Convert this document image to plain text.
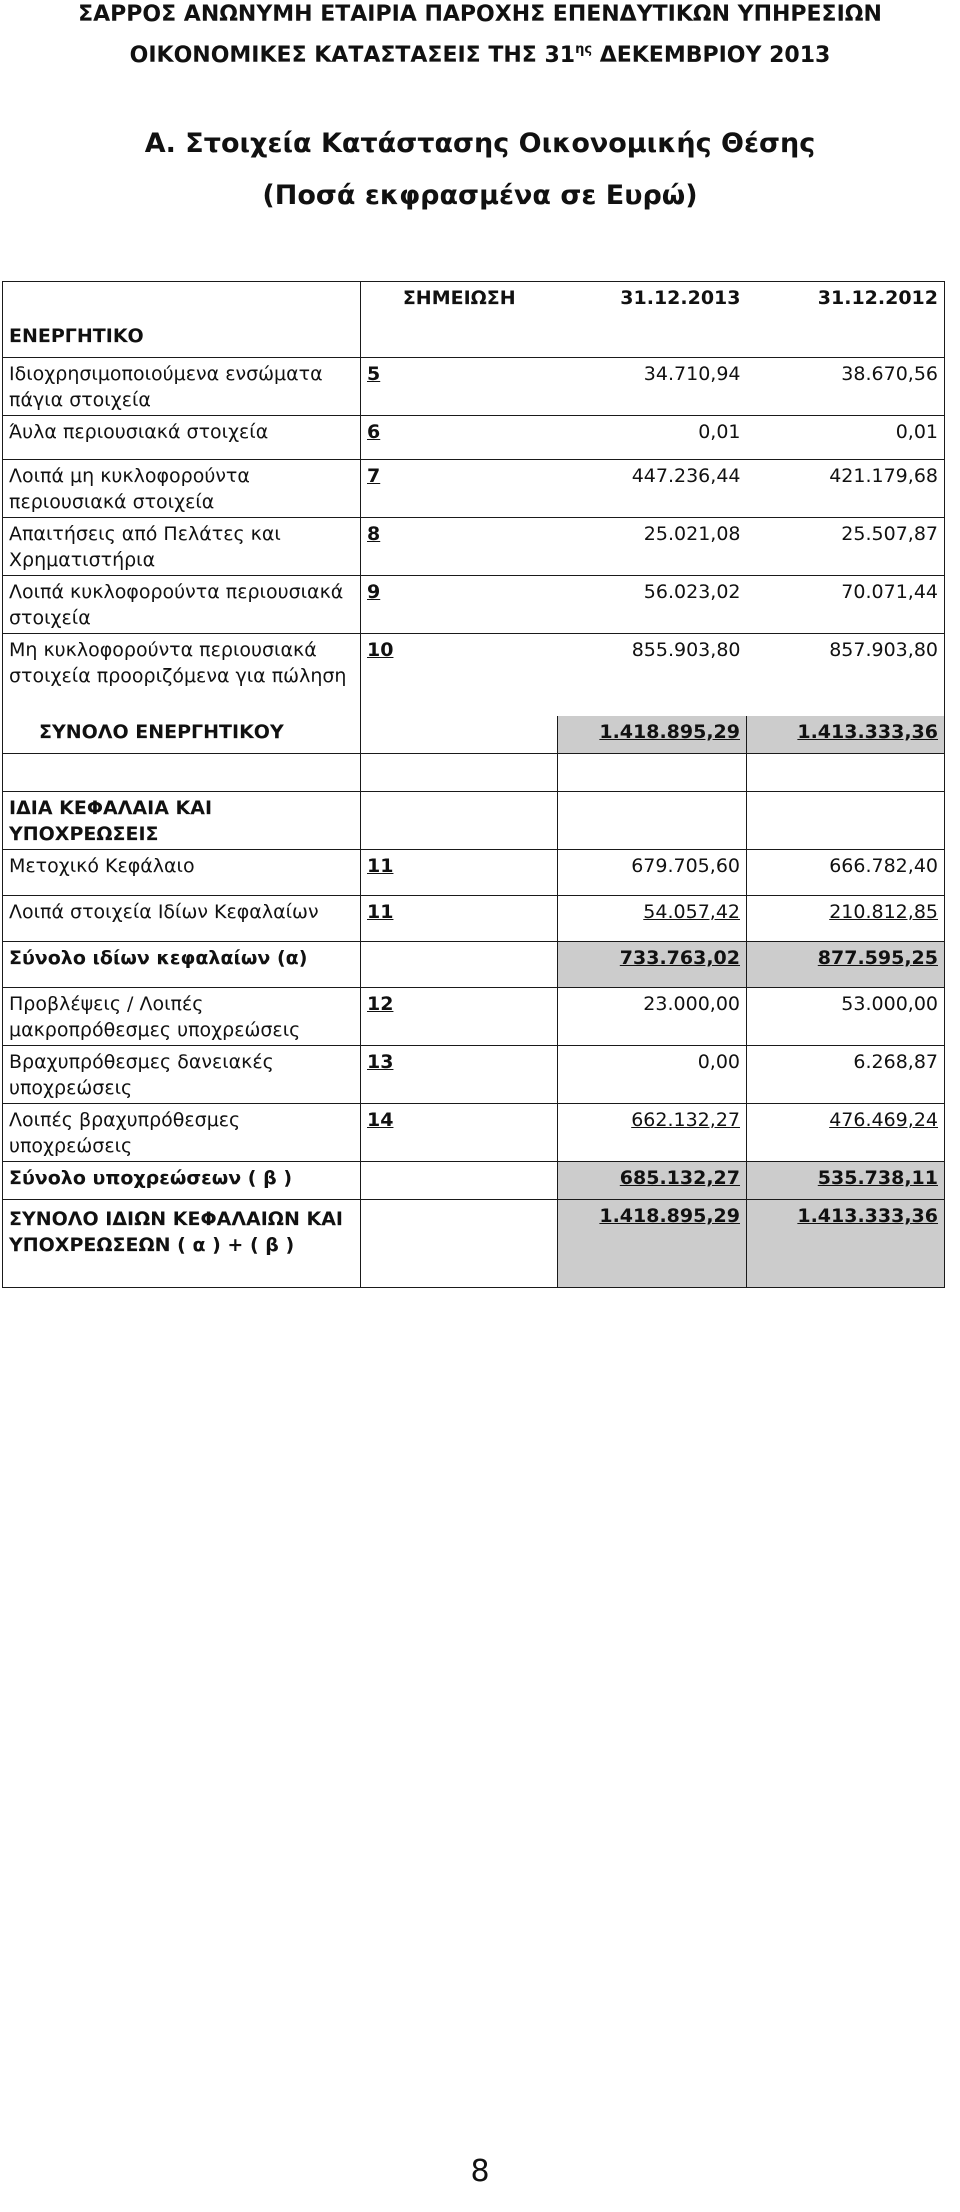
ΣΑΡΡΟΣ ΑΝΩΝΥΜΗ ΕΤΑΙΡΙΑ ΠΑΡΟΧΗΣ ΕΠΕΝΔΥΤΙΚΩΝ ΥΠΗΡΕΣΙΩΝ
ΟΙΚΟΝΟΜΙΚΕΣ ΚΑΤΑΣΤΑΣΕΙΣ ΤΗΣ $31^{\eta\varsigma}$ ΔΕΚΕΜΒΡΙΟΥ 2013
Α. Στοιχεία Κατάστασης Οικονομικής Θέσης
(Ποσά εκφρασμένα σε Ευρώ)
	ΣΗΜΕΙΩΣΗ	31.12.2013	31.12.2012
ΕΝΕΡΓΗΤΙΚΟ			
Ιδιοχρησιμοποιούμενα ενσώματα πάγια στοιχεία	5	34.710,94	38.670,56
Άυλα περιουσιακά στοιχεία	6	0,01	0,01
Λοιπά μη κυκλοφορούντα περιουσιακά στοιχεία	7	447.236,44	421.179,68
Απαιτήσεις από Πελάτες και Χρηματιστήρια	8	25.021,08	25.507,87
Λοιπά κυκλοφορούντα περιουσιακά στοιχεία	9	56.023,02	70.071,44
Μη κυκλοφορούντα περιουσιακά στοιχεία προοριζόμενα για πώληση	10	855.903,80	857.903,80
ΣΥΝΟΛΟ ΕΝΕΡΓΗΤΙΚΟΥ		1.418.895,29	1.413.333,36

ΙΔΙΑ ΚΕΦΑΛΑΙΑ ΚΑΙ ΥΠΟΧΡΕΩΣΕΙΣ			
Μετοχικό Κεφάλαιο	11	679.705,60	666.782,40
Λοιπά στοιχεία Ιδίων Κεφαλαίων	11	54.057,42	210.812,85
Σύνολο ιδίων κεφαλαίων (α)		733.763,02	877.595,25
Προβλέψεις / Λοιπές μακροπρόθεσμες υποχρεώσεις	12	23.000,00	53.000,00
Βραχυπρόθεσμες δανειακές υποχρεώσεις	13	0,00	6.268,87
Λοιπές βραχυπρόθεσμες υποχρεώσεις	14	662.132,27	476.469,24
Σύνολο υποχρεώσεων ( β )		685.132,27	535.738,11
ΣΥΝΟΛΟ ΙΔΙΩΝ ΚΕΦΑΛΑΙΩΝ ΚΑΙ ΥΠΟΧΡΕΩΣΕΩΝ ( α ) + ( β )		1.418.895,29	1.413.333,36
8
